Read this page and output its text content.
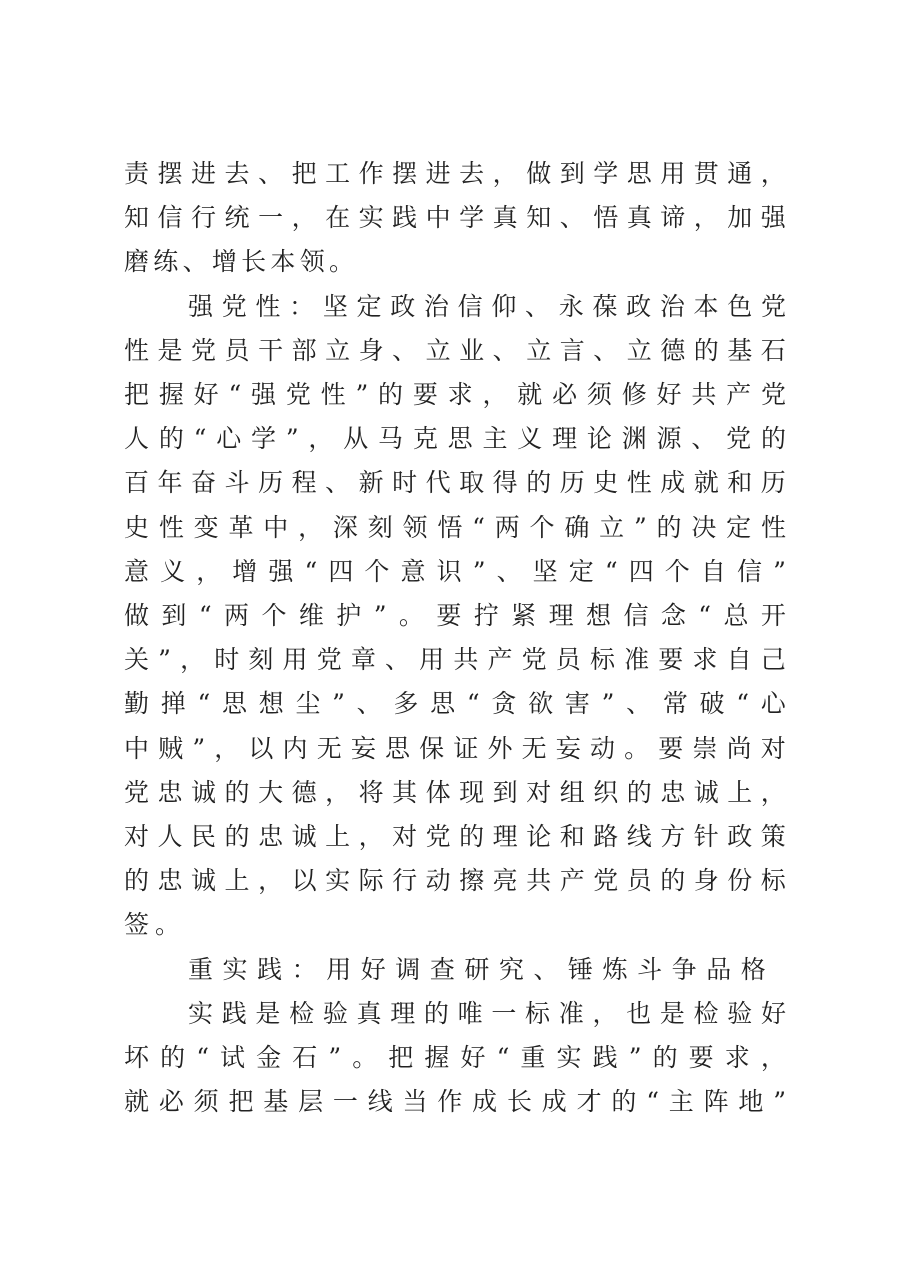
责 摆 进 去 、 把 工 作 摆 进 去 ， 做 到 学 思 用 贯 通 ，
知 信 行 统 一 ， 在 实 践 中 学 真 知 、 悟 真 谛 ， 加 强
磨 练 、 增 长 本 领 。
强 党 性 ： 坚 定 政 治 信 仰 、 永 葆 政 治 本 色 党
性 是 党 员 干 部 立 身 、 立 业 、 立 言 、 立 德 的 基 石
把 握 好 “ 强 党 性 ” 的 要 求 ， 就 必 须 修 好 共 产 党
人 的 “ 心 学 ” ， 从 马 克 思 主 义 理 论 渊 源 、 党 的
百 年 奋 斗 历 程 、 新 时 代 取 得 的 历 史 性 成 就 和 历
史 性 变 革 中 ， 深 刻 领 悟 “ 两 个 确 立 ” 的 决 定 性
意 义 ， 增 强 “ 四 个 意 识 ” 、 坚 定 “ 四 个 自 信 ”
做 到 “ 两 个 维 护 ” 。 要 拧 紧 理 想 信 念 “ 总 开
关 ” ， 时 刻 用 党 章 、 用 共 产 党 员 标 准 要 求 自 己
勤 掸 “ 思 想 尘 ” 、 多 思 “ 贪 欲 害 ” 、 常 破 “ 心
中 贼 ” ， 以 内 无 妄 思 保 证 外 无 妄 动 。 要 崇 尚 对
党 忠 诚 的 大 德 ， 将 其 体 现 到 对 组 织 的 忠 诚 上 ，
对 人 民 的 忠 诚 上 ， 对 党 的 理 论 和 路 线 方 针 政 策
的 忠 诚 上 ， 以 实 际 行 动 擦 亮 共 产 党 员 的 身 份 标
签 。
重 实 践 ： 用 好 调 查 研 究 、 锤 炼 斗 争 品 格
实 践 是 检 验 真 理 的 唯 一 标 准 ， 也 是 检 验 好
坏 的 “ 试 金 石 ” 。 把 握 好 “ 重 实 践 ” 的 要 求 ，
就 必 须 把 基 层 一 线 当 作 成 长 成 才 的 “ 主 阵 地 ”
